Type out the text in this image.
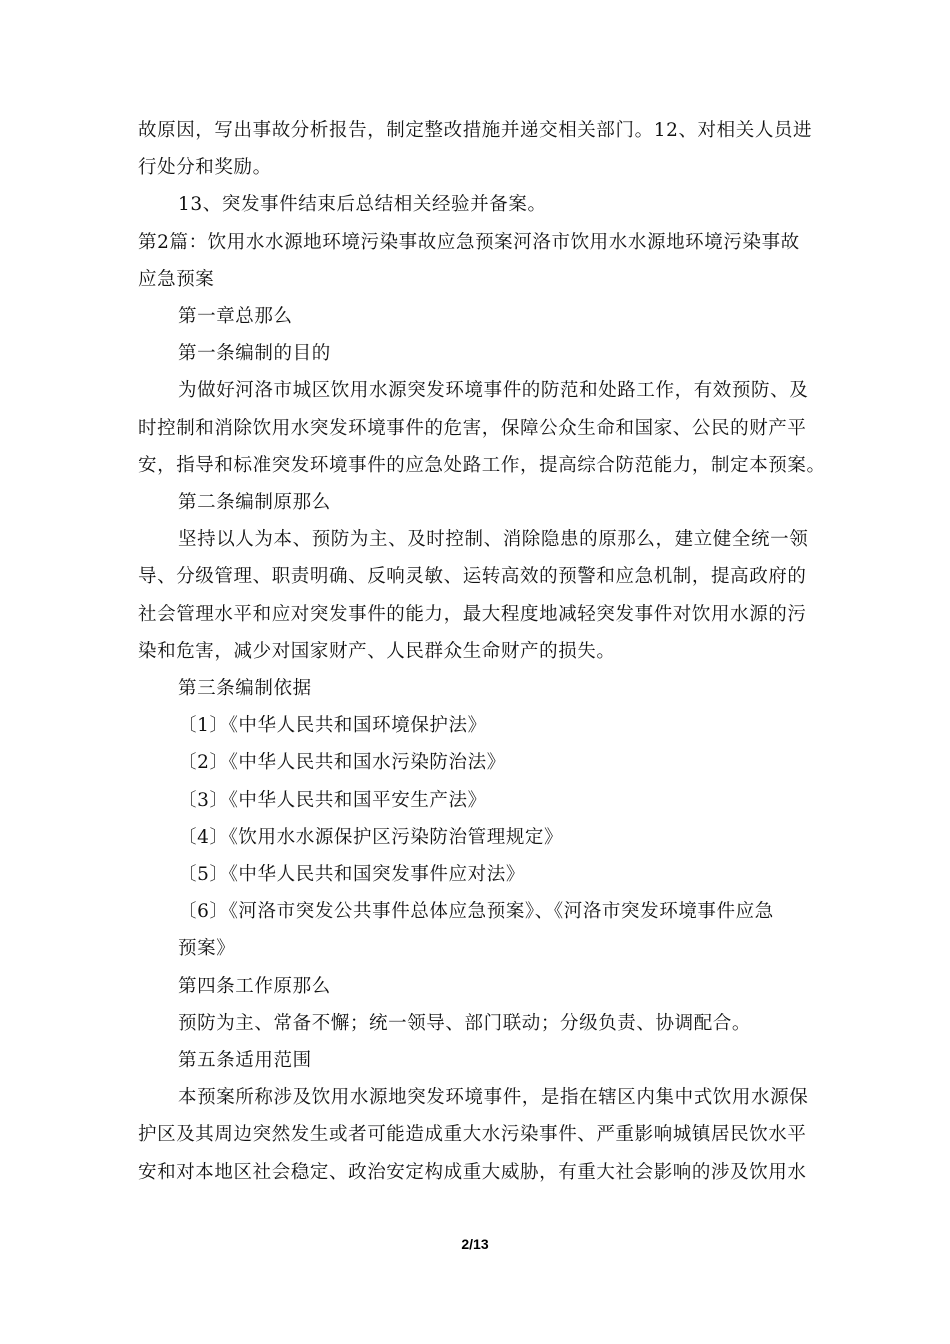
故原因，写出事故分析报告，制定整改措施并递交相关部门。12、对相关人员进
行处分和奖励。
13、突发事件结束后总结相关经验并备案。
第2篇：饮用水水源地环境污染事故应急预案河洛市饮用水水源地环境污染事故
应急预案
第一章总那么
第一条编制的目的
为做好河洛市城区饮用水源突发环境事件的防范和处路工作，有效预防、及
时控制和消除饮用水突发环境事件的危害，保障公众生命和国家、公民的财产平
安，指导和标准突发环境事件的应急处路工作，提高综合防范能力，制定本预案。
第二条编制原那么
坚持以人为本、预防为主、及时控制、消除隐患的原那么，建立健全统一领
导、分级管理、职责明确、反响灵敏、运转高效的预警和应急机制，提高政府的
社会管理水平和应对突发事件的能力，最大程度地减轻突发事件对饮用水源的污
染和危害，减少对国家财产、人民群众生命财产的损失。
第三条编制依据
〔1〕《中华人民共和国环境保护法》
〔2〕《中华人民共和国水污染防治法》
〔3〕《中华人民共和国平安生产法》
〔4〕《饮用水水源保护区污染防治管理规定》
〔5〕《中华人民共和国突发事件应对法》
〔6〕《河洛市突发公共事件总体应急预案》、《河洛市突发环境事件应急
预案》
第四条工作原那么
预防为主、常备不懈；统一领导、部门联动；分级负责、协调配合。
第五条适用范围
本预案所称涉及饮用水源地突发环境事件，是指在辖区内集中式饮用水源保
护区及其周边突然发生或者可能造成重大水污染事件、严重影响城镇居民饮水平
安和对本地区社会稳定、政治安定构成重大威胁，有重大社会影响的涉及饮用水
2/13
